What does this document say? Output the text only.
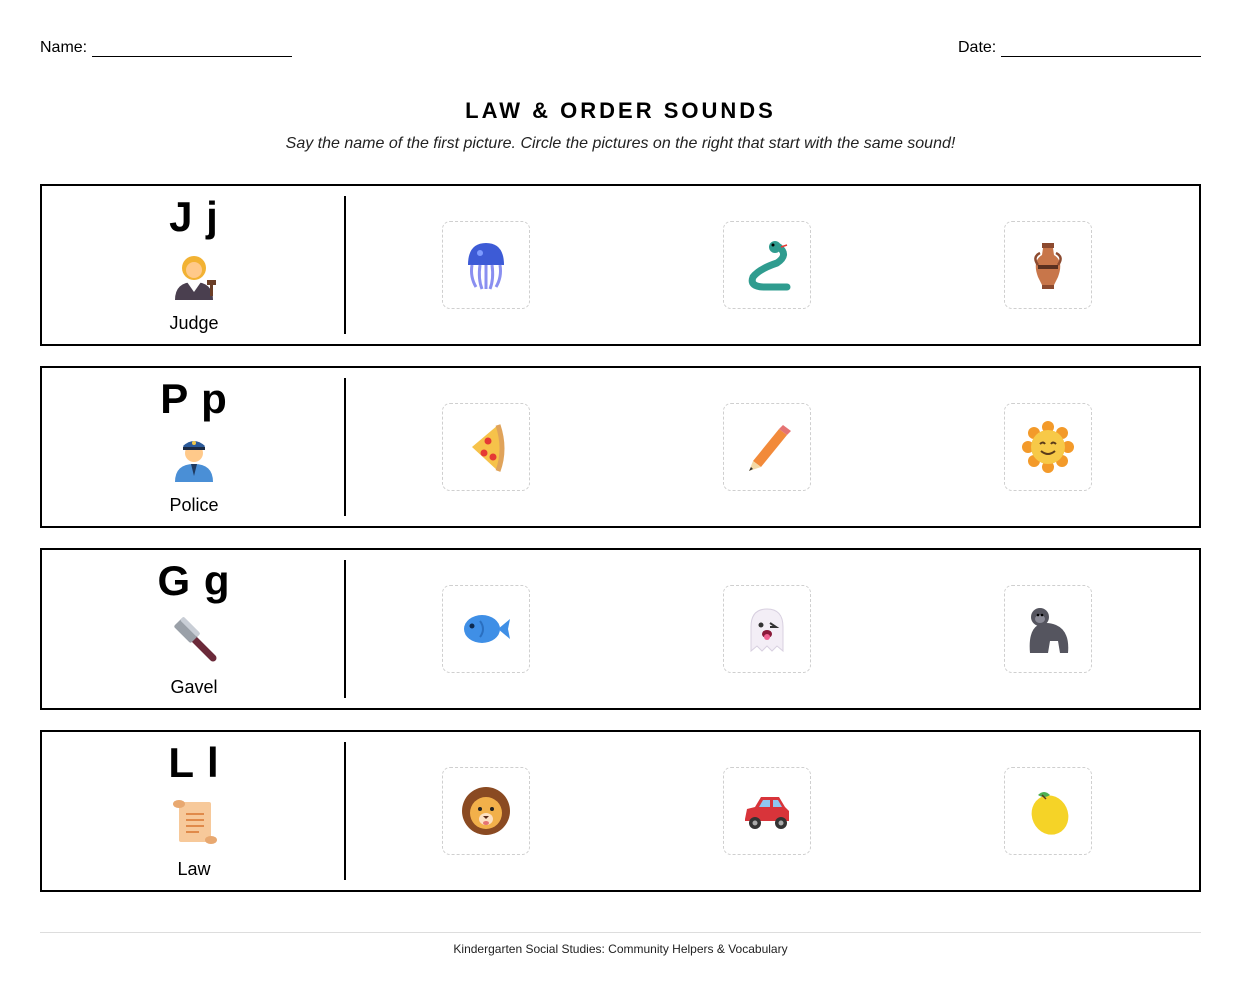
Name:	Date:
LAW & ORDER SOUNDS
Say the name of the first picture. Circle the pictures on the right that start with the same sound!
J j
Judge
P p
Police
G g
Gavel
L l
Law
Kindergarten Social Studies: Community Helpers & Vocabulary
